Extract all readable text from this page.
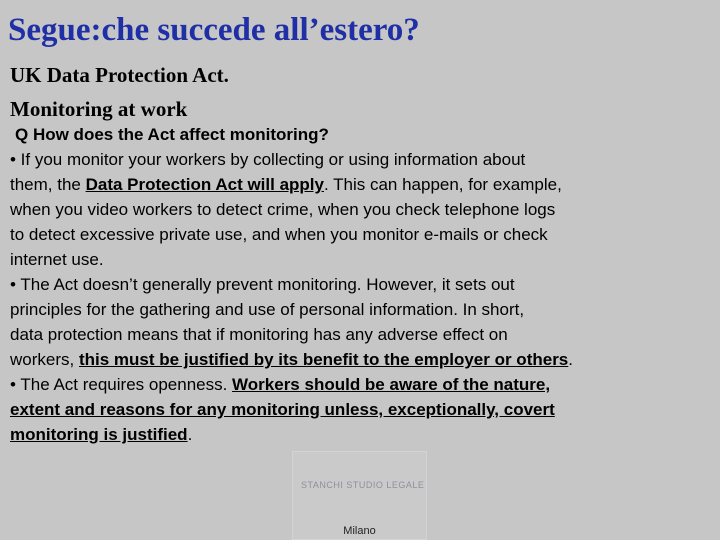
Segue:che succede all’estero?
UK Data Protection Act.
Monitoring at work

Q How does the Act affect monitoring?

• If you monitor your workers by collecting or using information about

them, the Data Protection Act will apply. This can happen, for example,

when you video workers to detect crime, when you check telephone logs

to detect excessive private use, and when you monitor e-mails or check

internet use.

• The Act doesn’t generally prevent monitoring. However, it sets out

principles for the gathering and use of personal information. In short,

data protection means that if monitoring has any adverse effect on

workers, this must be justified by its benefit to the employer or others.

• The Act requires openness. Workers should be aware of the nature,

extent and reasons for any monitoring unless, exceptionally, covert

monitoring is justified.

STANCHI STUDIO LEGALE
Milano
